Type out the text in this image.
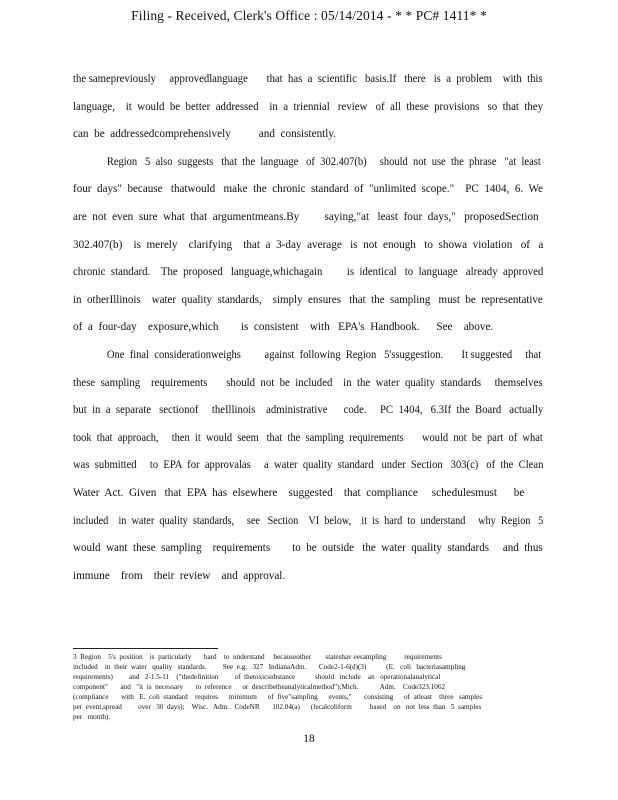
Filing - Received, Clerk's Office : 05/14/2014 - * * PC# 1411* *
the samepreviously     approvedlanguage       that  has  a  scientific   basis.If   there   is  a  problem    with  this
language,    it  would  be  better  addressed    in  a  triennial   review   of  all  these  provisions   so  that  they
can  be  addressedcomprehensively          and  consistently.
Region   5  also  suggests   that  the  language   of  302.407(b)     should  not  use  the  phrase   "at  least
four  days"  because   thatwould   make  the  chronic  standard  of  "unlimited  scope."    PC  1404,  6.  We
are  not  even  sure  what  that  argumentmeans.By         saying,"at   least  four  days,"   proposedSection
302.407(b)    is  merely    clarifying    that  a  3-day  average   is  not  enough   to  showa  violation   of   a
chronic  standard.    The  proposed   language,whichagain         is  identical   to  language   already  approved
in  otherIllinois    water  quality  standards,    simply  ensures   that  the  sampling   must  be  representative
of  a  four-day    exposure,which        is  consistent    with   EPA's  Handbook.      See    above.
One  final  considerationweighs         against  following  Region   5'ssuggestion.       It suggested     that
these  sampling    requirements       should  not  be  included    in  the  water  quality  standards     themselves
but  in  a  separate   sectionof     theIllinois    administrative      code.     PC  1404,   6.3If  the  Board   actually
took  that  approach,     then  it  would  seem   that  the  sampling  requirements       would  not  be  part  of  what
was  submitted     to  EPA  for  approvalas     a  water  quality  standard   under  Section   303(c)   of  the  Clean
Water  Act.  Given   that  EPA  has  elsewhere    suggested    that  compliance     schedulesmust      be
included    in  water  quality  standards,     see   Section    VI  below,    it  is  hard  to  understand     why  Region   5
would  want  these  sampling    requirements        to  be  outside   the  water  quality  standards     and  thus
immune    from    their  review    and  approval.
3  Region    5's  position    is  particularly       hard    to  understand     becauseother        stateshav eesampling          requirements
included    in  their  water   quality   standards.         See  e.g.   327   IndianaAdm.       Code2-1-6(d)(3)           (E.   coli   bacteriasampling
requirements)         and   2-1.5-11    ("thedefinition         of  thetoxicsubstance           should   include    an   operationalanalytical
component"       and   "it  is  necessary       to  reference      or  describetheanalyticalmethod");Mich.            Adm.    Code323.1062
(compliance       with   E.  coli  standard    requires      minimum      of  five"sampling      events,"       consisting      of  atleast    three   samples
per  event,spread         over   30  days);    Wisc.   Adm.   CodeNR       102.04(a)      (fecalcoliform          based    on   not  less  than   5  samples
per   month).
18
